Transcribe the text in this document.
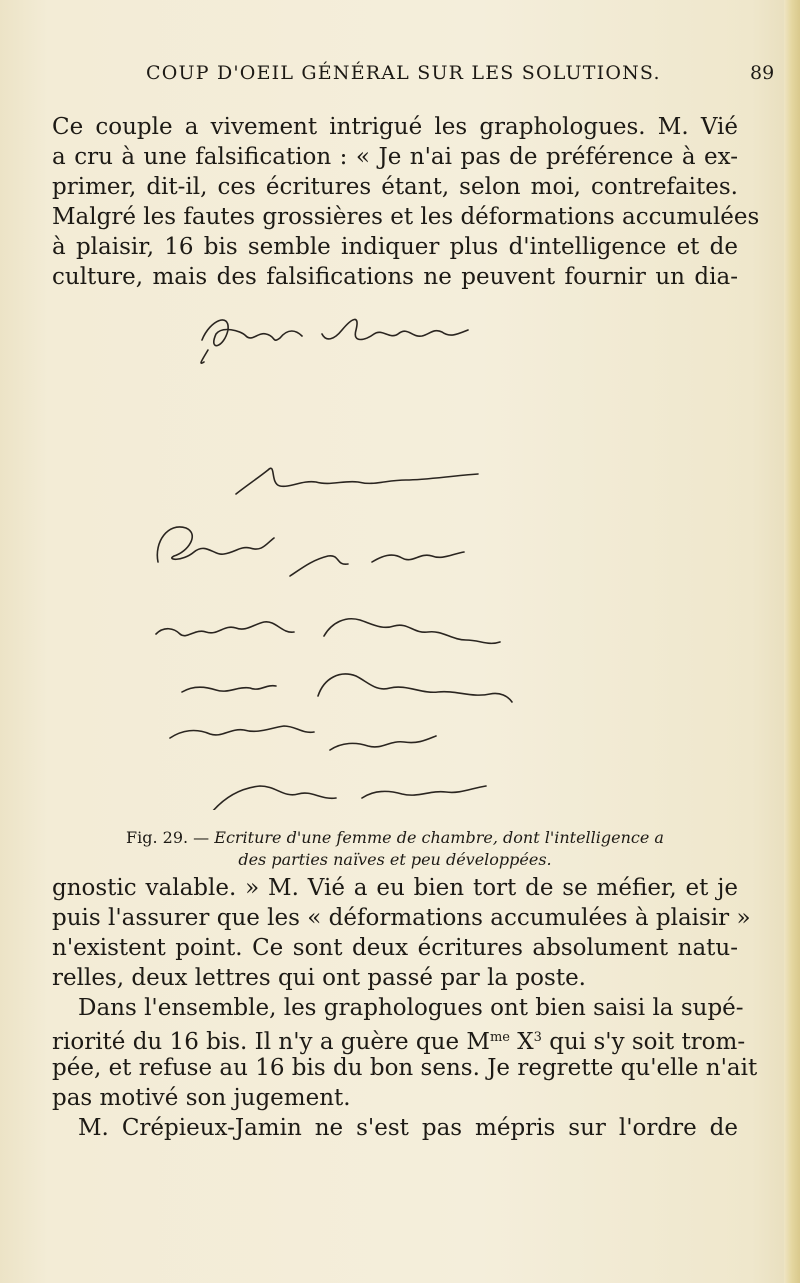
COUP D'OEIL GÉNÉRAL SUR LES SOLUTIONS.	89

Ce couple a vivement intrigué les graphologues. M. Vié
a cru à une falsification : « Je n'ai pas de préférence à ex-
primer, dit-il, ces écritures étant, selon moi, contrefaites.
Malgré les fautes grossières et les déformations accumulées
à plaisir, 16 bis semble indiquer plus d'intelligence et de
culture, mais des falsifications ne peuvent fournir un dia-

Fig. 29. — Ecriture d'une femme de chambre, dont l'intelligence a
des parties naïves et peu développées.

gnostic valable. » M. Vié a eu bien tort de se méfier, et je
puis l'assurer que les « déformations accumulées à plaisir »
n'existent point. Ce sont deux écritures absolument natu-
relles, deux lettres qui ont passé par la poste.
Dans l'ensemble, les graphologues ont bien saisi la supé-
riorité du 16 bis. Il n'y a guère que $M^{me}$ $X^3$ qui s'y soit trom-
pée, et refuse au 16 bis du bon sens. Je regrette qu'elle n'ait
pas motivé son jugement.
M. Crépieux-Jamin ne s'est pas mépris sur l'ordre de
